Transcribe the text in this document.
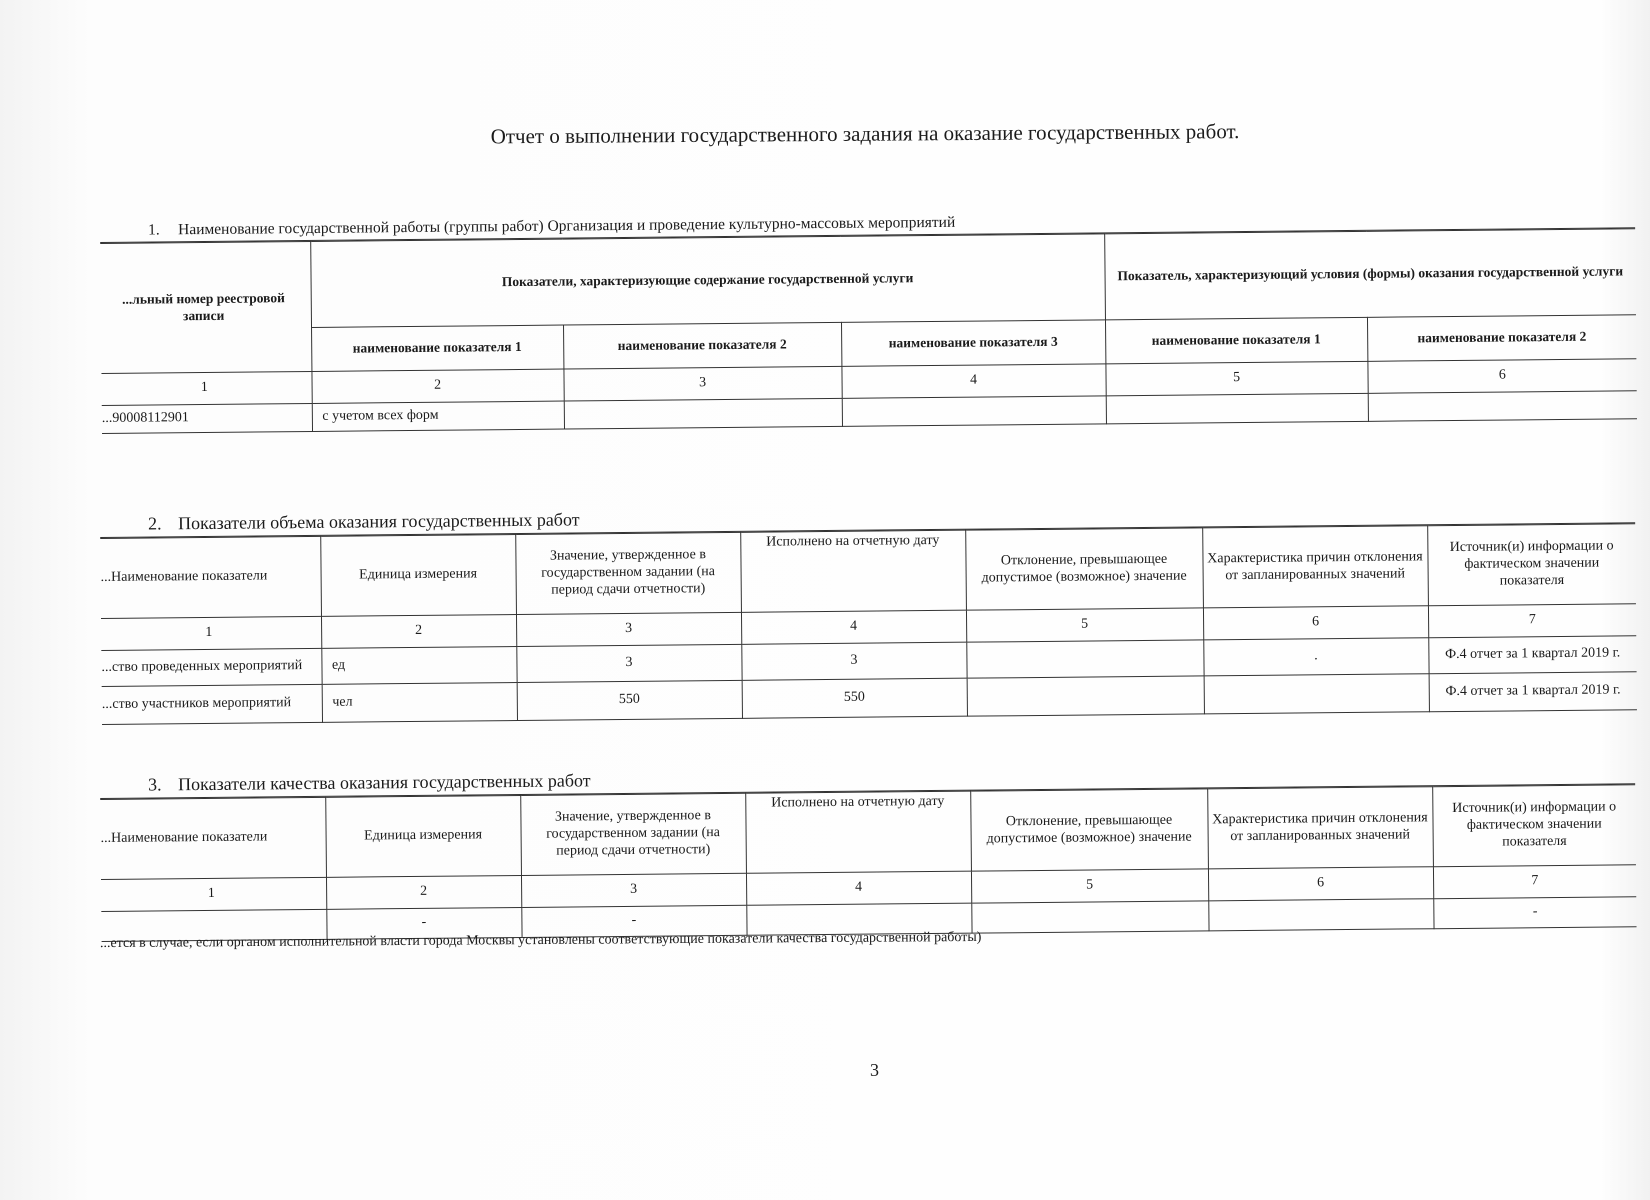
Отчет о выполнении государственного задания на оказание государственных работ.
1. Наименование государственной работы (группы работ) Организация и проведение культурно-массовых мероприятий
...льный номер реестровой записи	Показатели, характеризующие содержание государственной услуги			Показатель, характеризующий условия (формы) оказания государственной услуги	
	наименование показателя 1	наименование показателя 2	наименование показателя 3	наименование показателя 1	наименование показателя 2
1	2	3	4	5	6
...90008112901	с учетом всех форм				
2. Показатели объема оказания государственных работ
...Наименование показатели	Единица измерения	Значение, утвержденное в государственном задании (на период сдачи отчетности)	Исполнено на отчетную дату	Отклонение, превышающее допустимое (возможное) значение	Характеристика причин отклонения от запланированных значений	Источник(и) информации о фактическом значении показателя
1	2	3	4	5	6	7
...ство проведенных мероприятий	ед	3	3		.	Ф.4 отчет за 1 квартал 2019 г.
...ство участников мероприятий	чел	550	550			Ф.4 отчет за 1 квартал 2019 г.
3. Показатели качества оказания государственных работ
...Наименование показатели	Единица измерения	Значение, утвержденное в государственном задании (на период сдачи отчетности)	Исполнено на отчетную дату	Отклонение, превышающее допустимое (возможное) значение	Характеристика причин отклонения от запланированных значений	Источник(и) информации о фактическом значении показателя
1	2	3	4	5	6	7
	-	-				-
...ется в случае, если органом исполнительной власти города Москвы установлены соответствующие показатели качества государственной работы)
3
